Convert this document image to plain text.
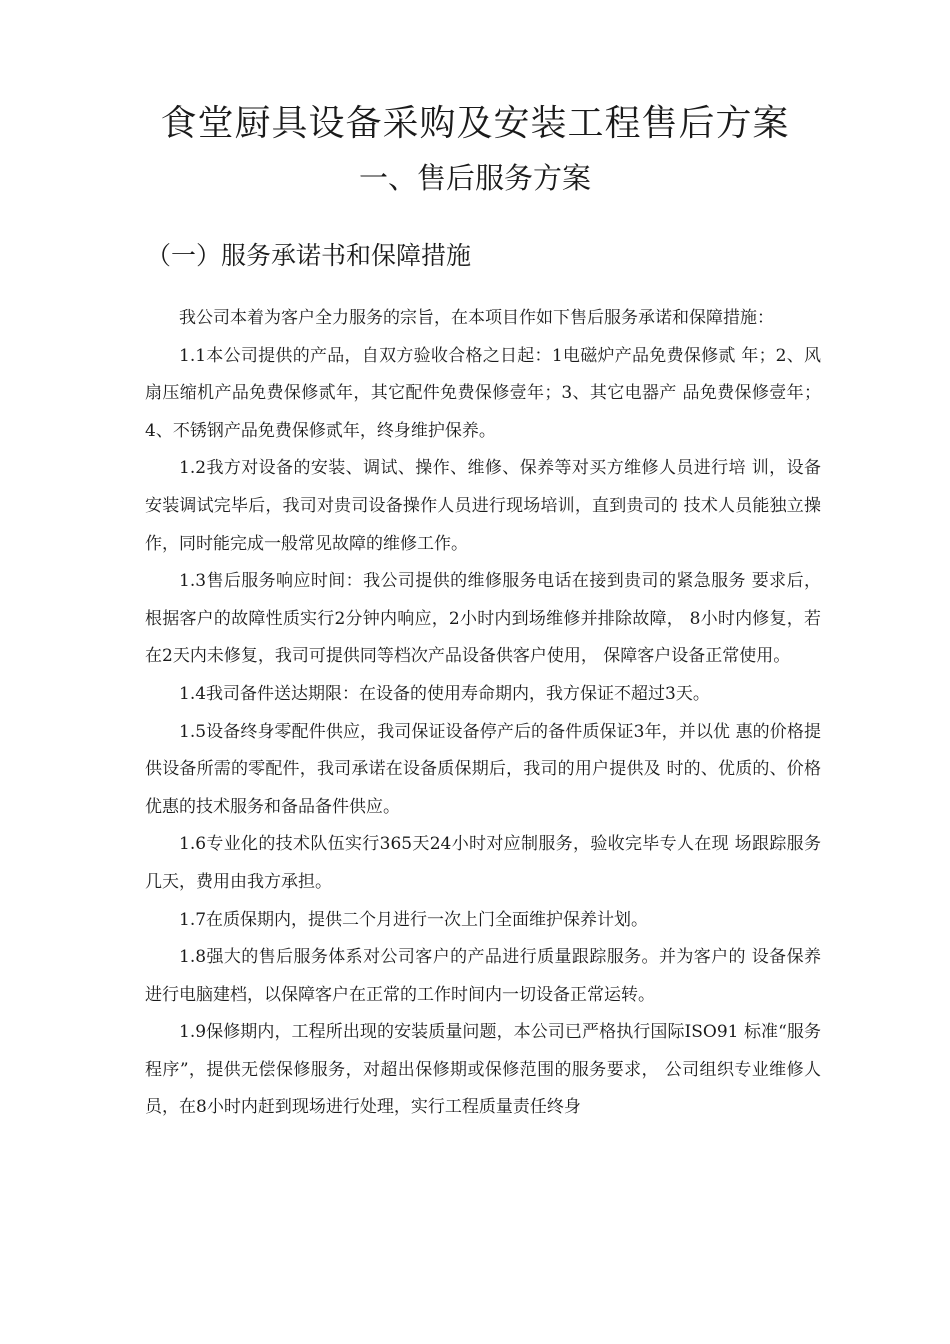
食堂厨具设备采购及安装工程售后方案
一、售后服务方案
（一）服务承诺书和保障措施

我公司本着为客户全力服务的宗旨，在本项目作如下售后服务承诺和保障措施：

1.1本公司提供的产品，自双方验收合格之日起：1电磁炉产品免费保修贰 年；2、风扇压缩机产品免费保修贰年，其它配件免费保修壹年；3、其它电器产 品免费保修壹年；4、不锈钢产品免费保修贰年，终身维护保养。

1.2我方对设备的安装、调试、操作、维修、保养等对买方维修人员进行培 训，设备安装调试完毕后，我司对贵司设备操作人员进行现场培训，直到贵司的 技术人员能独立操作，同时能完成一般常见故障的维修工作。

1.3售后服务响应时间：我公司提供的维修服务电话在接到贵司的紧急服务 要求后，根据客户的故障性质实行2分钟内响应，2小时内到场维修并排除故障， 8小时内修复，若在2天内未修复，我司可提供同等档次产品设备供客户使用， 保障客户设备正常使用。

1.4我司备件送达期限：在设备的使用寿命期内，我方保证不超过3天。

1.5设备终身零配件供应，我司保证设备停产后的备件质保证3年，并以优 惠的价格提供设备所需的零配件，我司承诺在设备质保期后，我司的用户提供及 时的、优质的、价格优惠的技术服务和备品备件供应。

1.6专业化的技术队伍实行365天24小时对应制服务，验收完毕专人在现 场跟踪服务几天，费用由我方承担。

1.7在质保期内，提供二个月进行一次上门全面维护保养计划。

1.8强大的售后服务体系对公司客户的产品进行质量跟踪服务。并为客户的 设备保养进行电脑建档，以保障客户在正常的工作时间内一切设备正常运转。

1.9保修期内，工程所出现的安装质量问题，本公司已严格执行国际ISO91 标准“服务程序”，提供无偿保修服务，对超出保修期或保修范围的服务要求， 公司组织专业维修人员，在8小时内赶到现场进行处理，实行工程质量责任终身
